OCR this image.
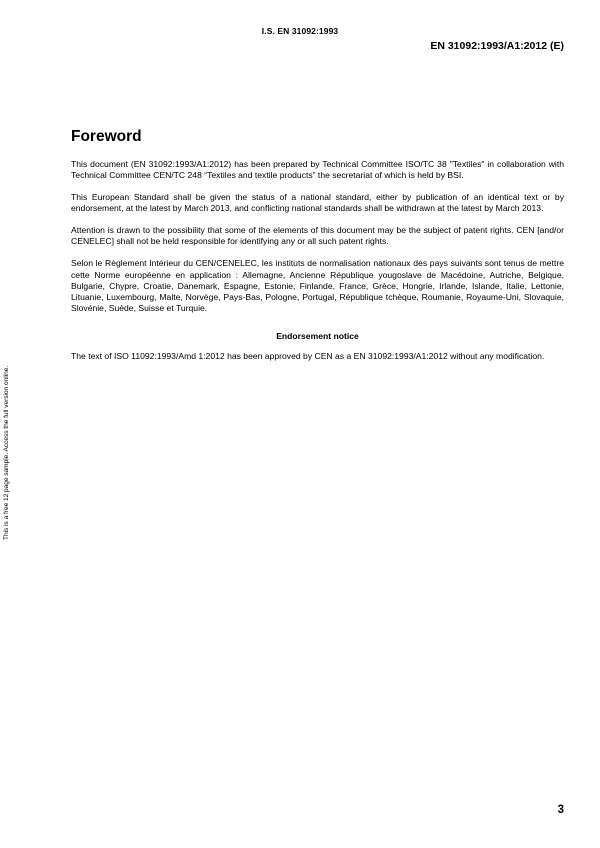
I.S. EN 31092:1993
EN 31092:1993/A1:2012 (E)
This is a free 12 page sample. Access the full version online.
Foreword

This document (EN 31092:1993/A1:2012) has been prepared by Technical Committee ISO/TC 38 "Textiles" in collaboration with Technical Committee CEN/TC 248 “Textiles and textile products” the secretariat of which is held by BSI.

This European Standard shall be given the status of a national standard, either by publication of an identical text or by endorsement, at the latest by March 2013, and conflicting national standards shall be withdrawn at the latest by March 2013.

Attention is drawn to the possibility that some of the elements of this document may be the subject of patent rights. CEN [and/or CENELEC] shall not be held responsible for identifying any or all such patent rights.

Selon le Règlement Intérieur du CEN/CENELEC, les instituts de normalisation nationaux des pays suivants sont tenus de mettre cette Norme européenne en application : Allemagne, Ancienne République yougoslave de Macédoine, Autriche, Belgique, Bulgarie, Chypre, Croatie, Danemark, Espagne, Estonie, Finlande, France, Grèce, Hongrie, Irlande, Islande, Italie, Lettonie, Lituanie, Luxembourg, Malte, Norvège, Pays-Bas, Pologne, Portugal, République tchèque, Roumanie, Royaume-Uni, Slovaquie, Slovénie, Suède, Suisse et Turquie.

Endorsement notice

The text of ISO 11092:1993/Amd 1:2012 has been approved by CEN as a EN 31092:1993/A1:2012 without any modification.

3
